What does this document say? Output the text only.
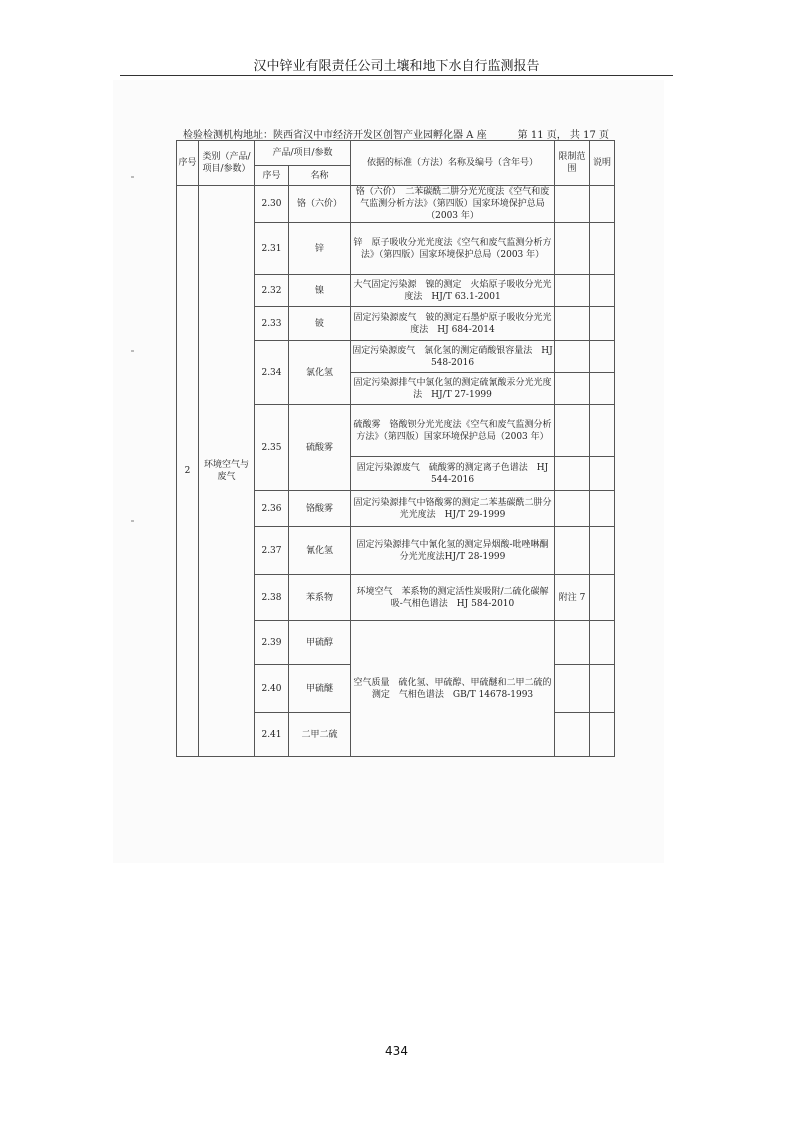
汉中锌业有限责任公司土壤和地下水自行监测报告
检验检测机构地址：陕西省汉中市经济开发区创智产业园孵化器 A 座	第 11 页， 共 17 页
序号	类别（产品/项目/参数）	产品/项目/参数		依据的标准（方法）名称及编号（含年号）	限制范围	说明
		序号	名称			
2	环境空气与废气	2.30	铬（六价）	铬（六价）　二苯碳酰二肼分光光度法《空气和废气监测分析方法》（第四版）国家环境保护总局（2003 年）		
		2.31	锌	锌　原子吸收分光光度法《空气和废气监测分析方法》（第四版）国家环境保护总局（2003 年）		
		2.32	镍	大气固定污染源　镍的测定　火焰原子吸收分光光度法　HJ/T 63.1-2001		
		2.33	铍	固定污染源废气　铍的测定石墨炉原子吸收分光光度法　HJ 684-2014		
		2.34	氯化氢	固定污染源废气　氯化氢的测定硝酸银容量法　HJ 548-2016		
				固定污染源排气中氯化氢的测定硫氰酸汞分光光度法　HJ/T 27-1999		
		2.35	硫酸雾	硫酸雾　铬酸钡分光光度法《空气和废气监测分析方法》（第四版）国家环境保护总局（2003 年）		
				固定污染源废气　硫酸雾的测定离子色谱法　HJ 544-2016		
		2.36	铬酸雾	固定污染源排气中铬酸雾的测定二苯基碳酰二肼分光光度法　HJ/T 29-1999		
		2.37	氰化氢	固定污染源排气中氰化氢的测定异烟酸-吡唑啉酮分光光度法HJ/T 28-1999		
		2.38	苯系物	环境空气　苯系物的测定活性炭吸附/二硫化碳解吸-气相色谱法　HJ 584-2010	附注 7	
		2.39	甲硫醇	空气质量　硫化氢、甲硫醇、甲硫醚和二甲二硫的测定　气相色谱法　GB/T 14678-1993		
		2.40	甲硫醚			
		2.41	二甲二硫			
434
